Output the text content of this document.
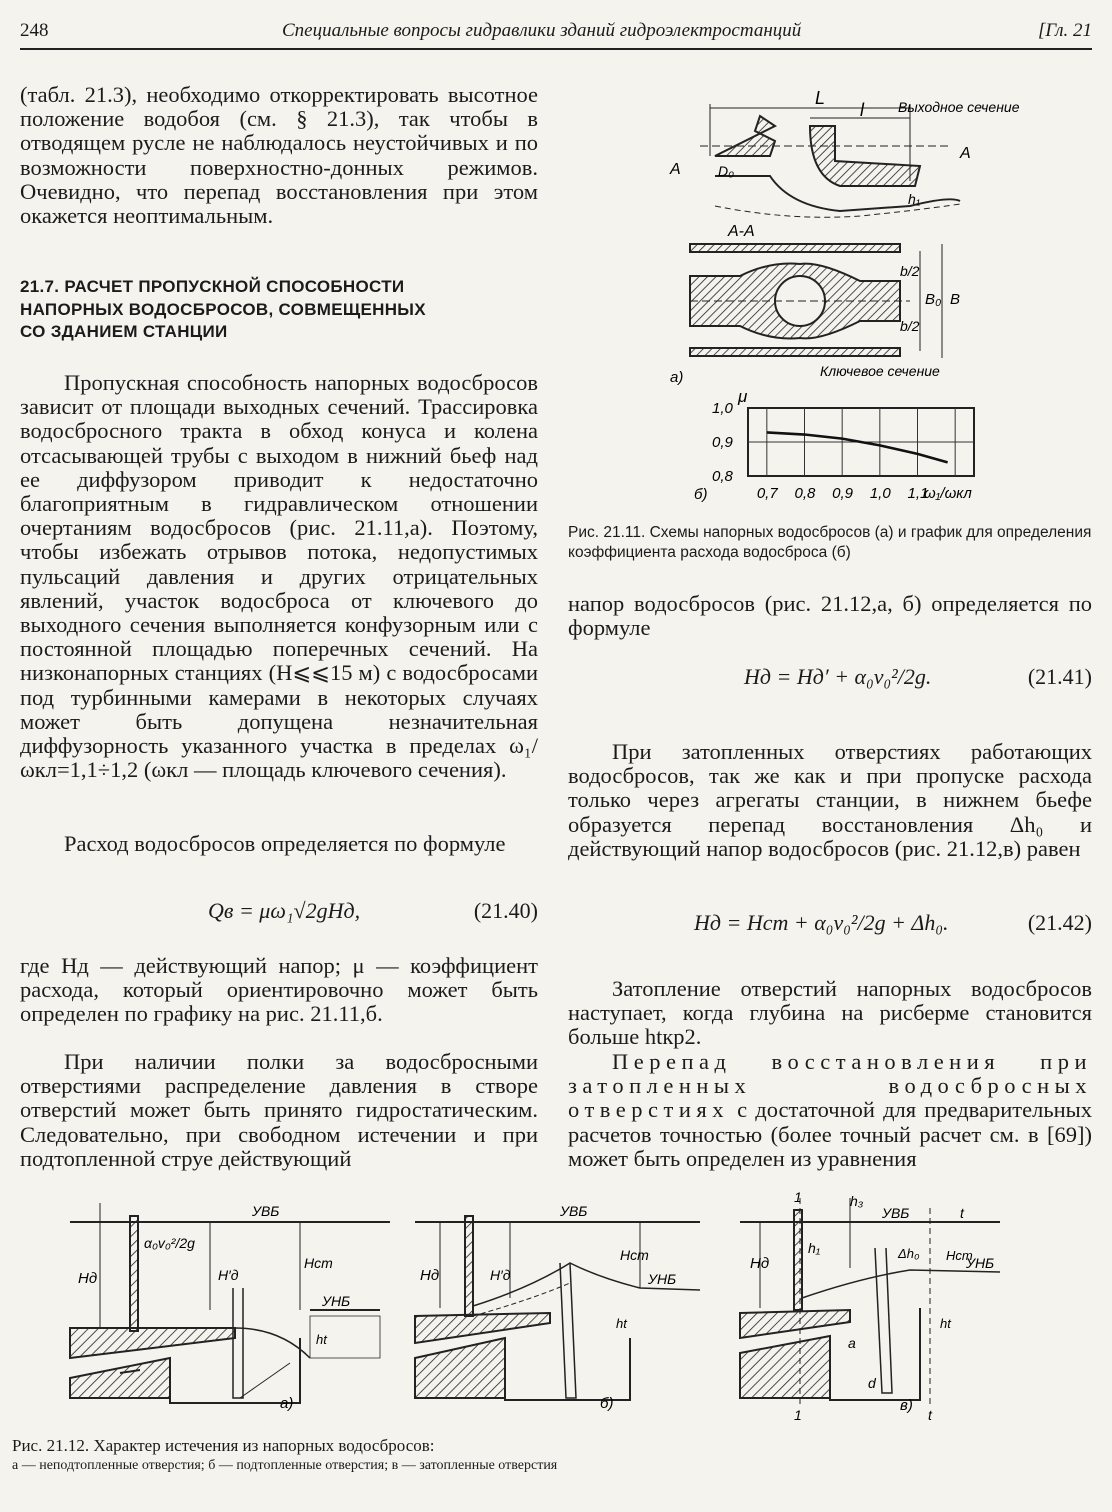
248	Специальные вопросы гидравлики зданий гидроэлектростанций	[Гл. 21

(табл. 21.3), необходимо откорректировать высотное положение водобоя (см. § 21.3), так чтобы в отводящем русле не наблюдалось неустойчивых и по возможности поверхностно-донных режимов. Очевидно, что перепад восстановления при этом окажется неоптимальным.

21.7. РАСЧЕТ ПРОПУСКНОЙ СПОСОБНОСТИ
НАПОРНЫХ ВОДОСБРОСОВ, СОВМЕЩЕННЫХ
СО ЗДАНИЕМ СТАНЦИИ

Пропускная способность напорных водосбросов зависит от площади выходных сечений. Трассировка водосбросного тракта в обход конуса и колена отсасывающей трубы с выходом в нижний бьеф над ее диффузором приводит к недостаточно благоприятным в гидравлическом отношении очертаниям водосбросов (рис. 21.11,а). Поэтому, чтобы избежать отрывов потока, недопустимых пульсаций давления и других отрицательных явлений, участок водосброса от ключевого до выходного сечения выполняется конфузорным или с постоянной площадью поперечных сечений. На низконапорных станциях (H⩽⩽15 м) с водосбросами под турбинными камерами в некоторых случаях может быть допущена незначительная диффузорность указанного участка в пределах ω₁/ωкл=1,1÷1,2 (ωкл — площадь ключевого сечения).

Расход водосбросов определяется по формуле

Qв = μω₁√2gHд,	(21.40)

где Hд — действующий напор; μ — коэффициент расхода, который ориентировочно может быть определен по графику на рис. 21.11,б.

При наличии полки за водосбросными отверстиями распределение давления в створе отверстий может быть принято гидростатическим. Следовательно, при свободном истечении и при подтопленной струе действующий

L
l Выходное сечение
A
A
D₀
h₁
А-А
b/2
b/2
B₀ B
Ключевое сечение
а)
0,7 0,8 0,9 1,0 1,1
1,0
0,9
0,8
μ
ω₁/ωкл
б)
Рис. 21.11. Схемы напорных водосбросов (а) и график для определения коэффициента расхода водосброса (б)

напор водосбросов (рис. 21.12,а, б) определяется по формуле

Hд = Hд′ + α₀v₀²/2g.	(21.41)

При затопленных отверстиях работающих водосбросов, так же как и при пропуске расхода только через агрегаты станции, в нижнем бьефе образуется перепад восстановления Δh₀ и действующий напор водосбросов (рис. 21.12,в) равен

Hд = Hст + α₀v₀²/2g + Δh₀.	(21.42)

Затопление отверстий напорных водосбросов наступает, когда глубина на рисберме становится больше htкр2.

Перепад восстановления при затопленных водосбросных отверстиях с достаточной для предварительных расчетов точностью (более точный расчет см. в [69]) может быть определен из уравнения

УВБ
Hд
α₀v₀²/2g
H′д
Hст
УНБ
ht
а)
УВБ
Hд	H′д
Hст
УНБ
ht
б)
1
1
h₃
УВБ	t
t
Hд
h₁	Δh₀ Hст
УНБ
ht
a
d
в)
Рис. 21.12. Характер истечения из напорных водосбросов:
а — неподтопленные отверстия; б — подтопленные отверстия; в — затопленные отверстия
